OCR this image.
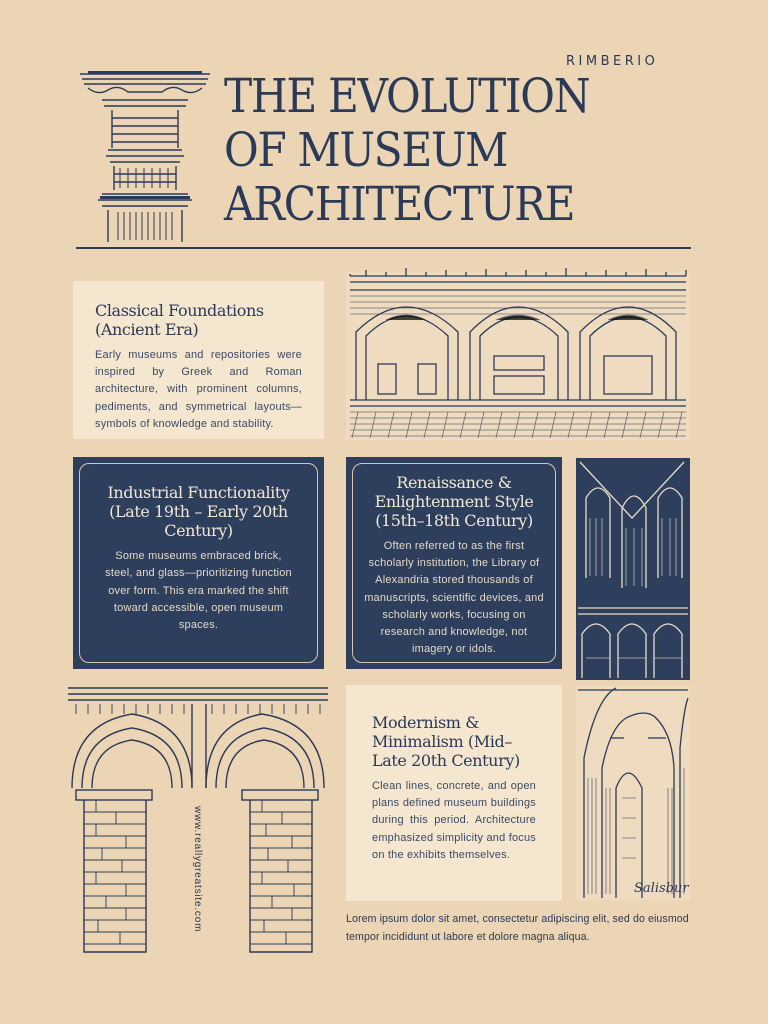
RIMBERIO
THE EVOLUTION
OF MUSEUM
ARCHITECTURE
Classical Foundations (Ancient Era)
Early museums and repositories were inspired by Greek and Roman architecture, with prominent columns, pediments, and symmetrical layouts—symbols of knowledge and stability.
Industrial Functionality (Late 19th – Early 20th Century)
Some museums embraced brick, steel, and glass—prioritizing function over form. This era marked the shift toward accessible, open museum spaces.
Renaissance & Enlightenment Style (15th–18th Century)
Often referred to as the first scholarly institution, the Library of Alexandria stored thousands of manuscripts, scientific devices, and scholarly works, focusing on research and knowledge, not imagery or idols.
Salisbur
www.reallygreatsite.com
Modernism & Minimalism (Mid–Late 20th Century)
Clean lines, concrete, and open plans defined museum buildings during this period. Architecture emphasized simplicity and focus on the exhibits themselves.
Lorem ipsum dolor sit amet, consectetur adipiscing elit, sed do eiusmod tempor incididunt ut labore et dolore magna aliqua.
